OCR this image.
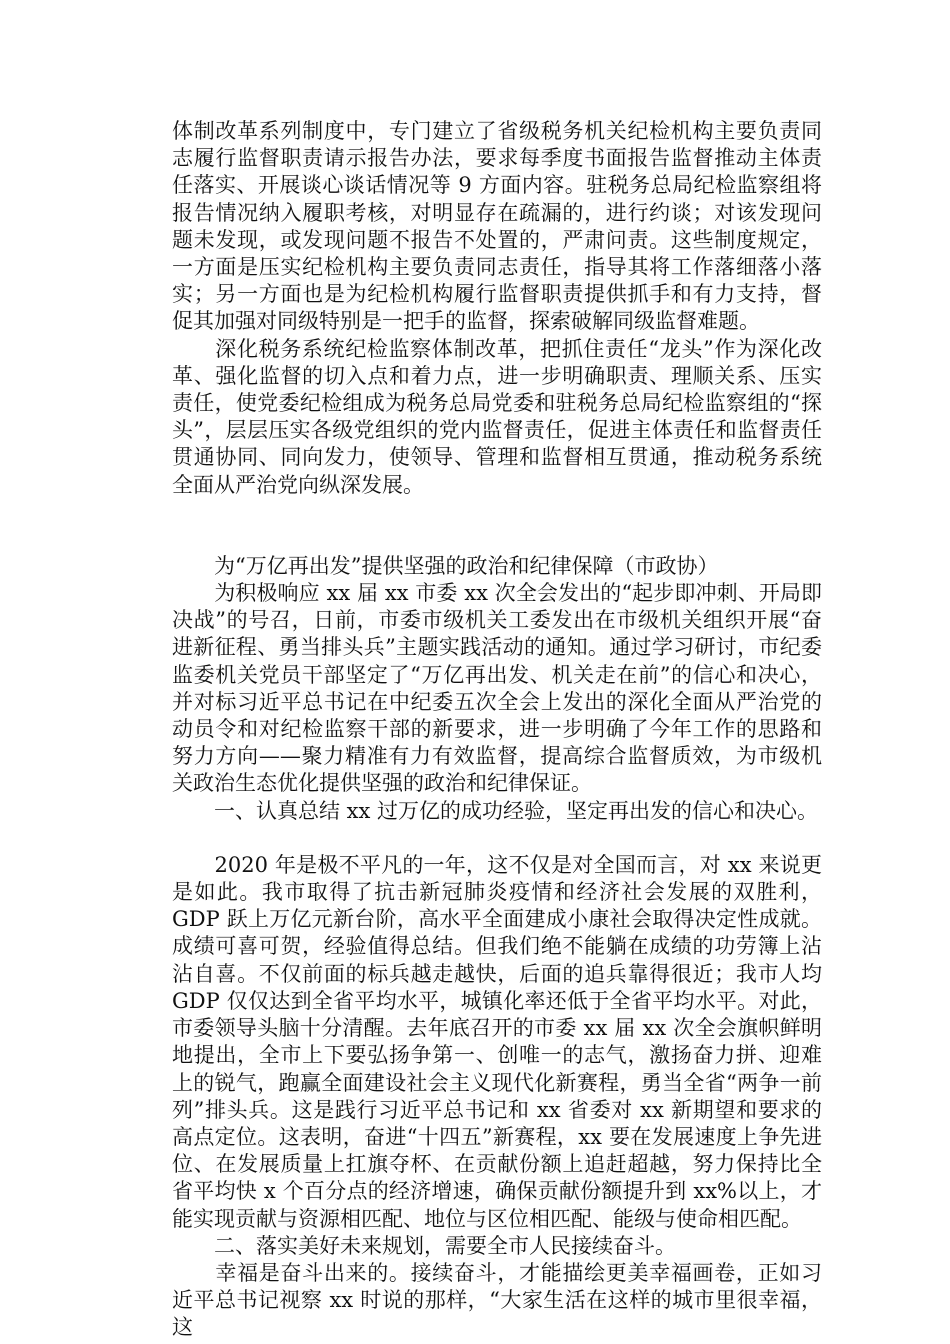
体制改革系列制度中，专门建立了省级税务机关纪检机构主要负责同志履行监督职责请示报告办法，要求每季度书面报告监督推动主体责任落实、开展谈心谈话情况等 9 方面内容。驻税务总局纪检监察组将报告情况纳入履职考核，对明显存在疏漏的，进行约谈；对该发现问题未发现，或发现问题不报告不处置的，严肃问责。这些制度规定，一方面是压实纪检机构主要负责同志责任，指导其将工作落细落小落实；另一方面也是为纪检机构履行监督职责提供抓手和有力支持，督促其加强对同级特别是一把手的监督，探索破解同级监督难题。

　　深化税务系统纪检监察体制改革，把抓住责任“龙头”作为深化改革、强化监督的切入点和着力点，进一步明确职责、理顺关系、压实责任，使党委纪检组成为税务总局党委和驻税务总局纪检监察组的“探头”，层层压实各级党组织的党内监督责任，促进主体责任和监督责任贯通协同、同向发力，使领导、管理和监督相互贯通，推动税务系统全面从严治党向纵深发展。

　　为“万亿再出发”提供坚强的政治和纪律保障（市政协）

　　为积极响应 xx 届 xx 市委 xx 次全会发出的“起步即冲刺、开局即决战”的号召，日前，市委市级机关工委发出在市级机关组织开展“奋进新征程、勇当排头兵”主题实践活动的通知。通过学习研讨，市纪委监委机关党员干部坚定了“万亿再出发、机关走在前”的信心和决心，并对标习近平总书记在中纪委五次全会上发出的深化全面从严治党的动员令和对纪检监察干部的新要求，进一步明确了今年工作的思路和努力方向——聚力精准有力有效监督，提高综合监督质效，为市级机关政治生态优化提供坚强的政治和纪律保证。

　　一、认真总结 xx 过万亿的成功经验，坚定再出发的信心和决心。

　　2020 年是极不平凡的一年，这不仅是对全国而言，对 xx 来说更是如此。我市取得了抗击新冠肺炎疫情和经济社会发展的双胜利，GDP 跃上万亿元新台阶，高水平全面建成小康社会取得决定性成就。成绩可喜可贺，经验值得总结。但我们绝不能躺在成绩的功劳簿上沾沾自喜。不仅前面的标兵越走越快，后面的追兵靠得很近；我市人均 GDP 仅仅达到全省平均水平，城镇化率还低于全省平均水平。对此，市委领导头脑十分清醒。去年底召开的市委 xx 届 xx 次全会旗帜鲜明地提出，全市上下要弘扬争第一、创唯一的志气，激扬奋力拼、迎难上的锐气，跑赢全面建设社会主义现代化新赛程，勇当全省“两争一前列”排头兵。这是践行习近平总书记和 xx 省委对 xx 新期望和要求的高点定位。这表明，奋进“十四五”新赛程，xx 要在发展速度上争先进位、在发展质量上扛旗夺杯、在贡献份额上追赶超越，努力保持比全省平均快 x 个百分点的经济增速，确保贡献份额提升到 xx%以上，才能实现贡献与资源相匹配、地位与区位相匹配、能级与使命相匹配。

　　二、落实美好未来规划，需要全市人民接续奋斗。

　　幸福是奋斗出来的。接续奋斗，才能描绘更美幸福画卷，正如习近平总书记视察 xx 时说的那样，“大家生活在这样的城市里很幸福，这
